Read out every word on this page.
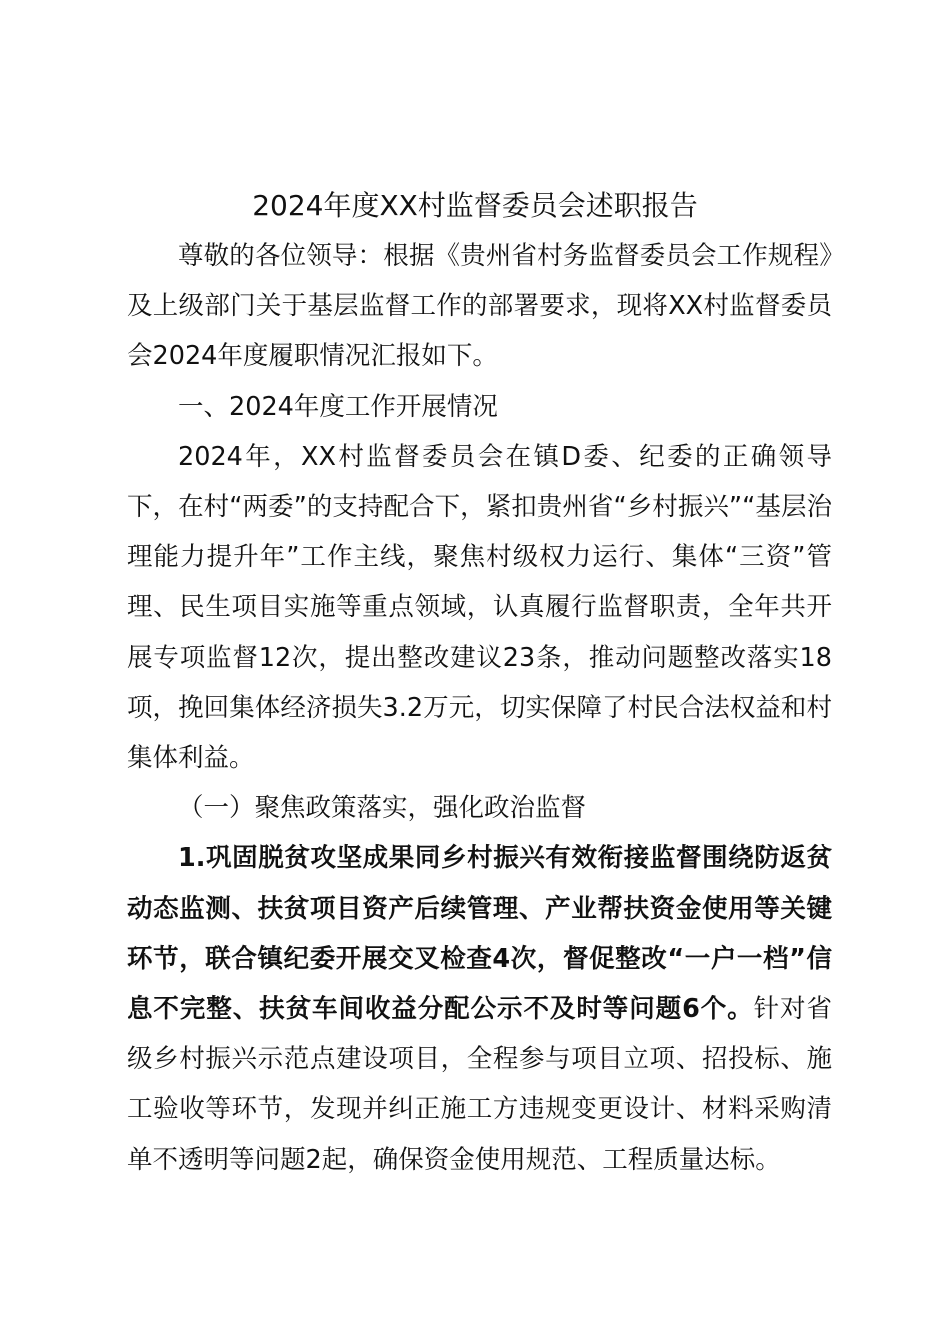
2024年度XX村监督委员会述职报告

尊敬的各位领导：根据《贵州省村务监督委员会工作规程》及上级部门关于基层监督工作的部署要求，现将XX村监督委员会2024年度履职情况汇报如下。

一、2024年度工作开展情况

2024年，XX村监督委员会在镇D委、纪委的正确领导下，在村“两委”的支持配合下，紧扣贵州省“乡村振兴”“基层治理能力提升年”工作主线，聚焦村级权力运行、集体“三资”管理、民生项目实施等重点领域，认真履行监督职责，全年共开展专项监督12次，提出整改建议23条，推动问题整改落实18项，挽回集体经济损失3.2万元，切实保障了村民合法权益和村集体利益。

（一）聚焦政策落实，强化政治监督

1.巩固脱贫攻坚成果同乡村振兴有效衔接监督围绕防返贫动态监测、扶贫项目资产后续管理、产业帮扶资金使用等关键环节，联合镇纪委开展交叉检查4次，督促整改“一户一档”信息不完整、扶贫车间收益分配公示不及时等问题6个。针对省级乡村振兴示范点建设项目，全程参与项目立项、招投标、施工验收等环节，发现并纠正施工方违规变更设计、材料采购清单不透明等问题2起，确保资金使用规范、工程质量达标。
